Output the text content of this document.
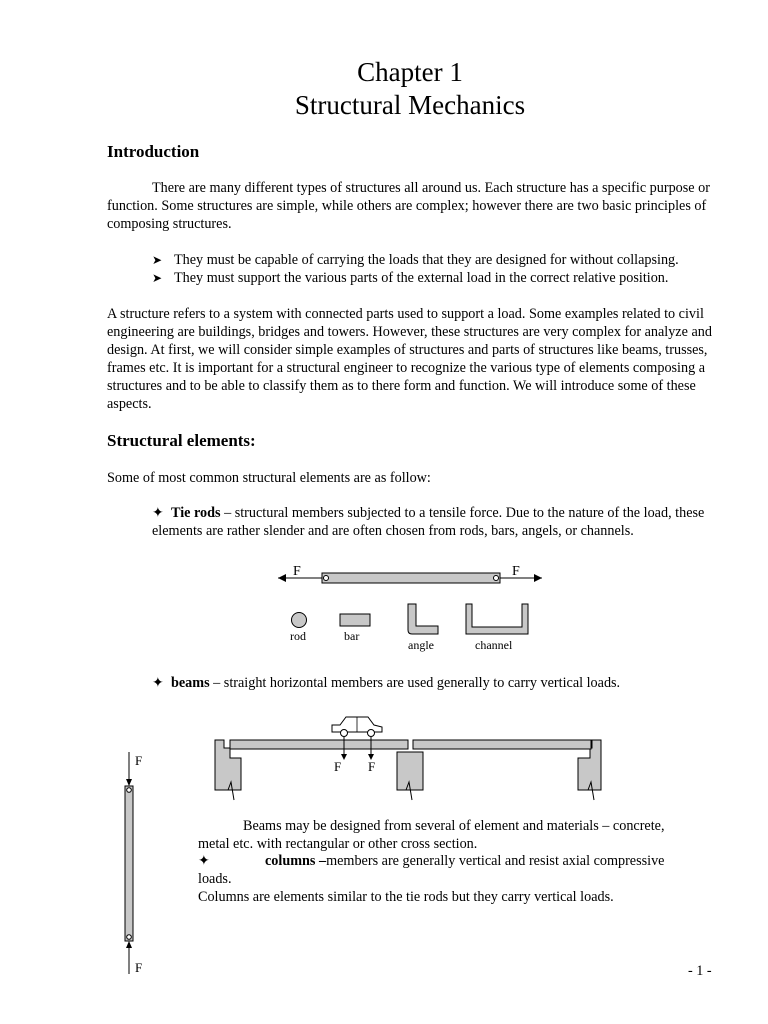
Chapter 1
Structural Mechanics
Introduction
There are many different types of structures all around us. Each structure has a specific purpose or function. Some structures are simple, while others are complex; however there are two basic principles of composing structures.
➤ They must be capable of carrying the loads that they are designed for without collapsing.
➤ They must support the various parts of the external load in the correct relative position.
A structure refers to a system with connected parts used to support a load. Some examples related to civil engineering are buildings, bridges and towers. However, these structures are very complex for analyze and design. At first, we will consider simple examples of structures and parts of structures like beams, trusses, frames etc. It is important for a structural engineer to recognize the various type of elements composing a structures and to be able to classify them as to there form and function. We will introduce some of these aspects.
Structural elements:
Some of most common structural elements are as follow:
✦ Tie rods – structural members subjected to a tensile force. Due to the nature of the load, these elements are rather slender and are often chosen from rods, bars, angels, or channels.
F	F
rod	bar
angle	channel
✦ beams – straight horizontal members are used generally to carry vertical loads.
F F
F
F
Beams may be designed from several of element and materials – concrete, metal etc. with rectangular or other cross section.
✦	columns –members are generally vertical and resist axial compressive loads.
Columns are elements similar to the tie rods but they carry vertical loads.
- 1 -
